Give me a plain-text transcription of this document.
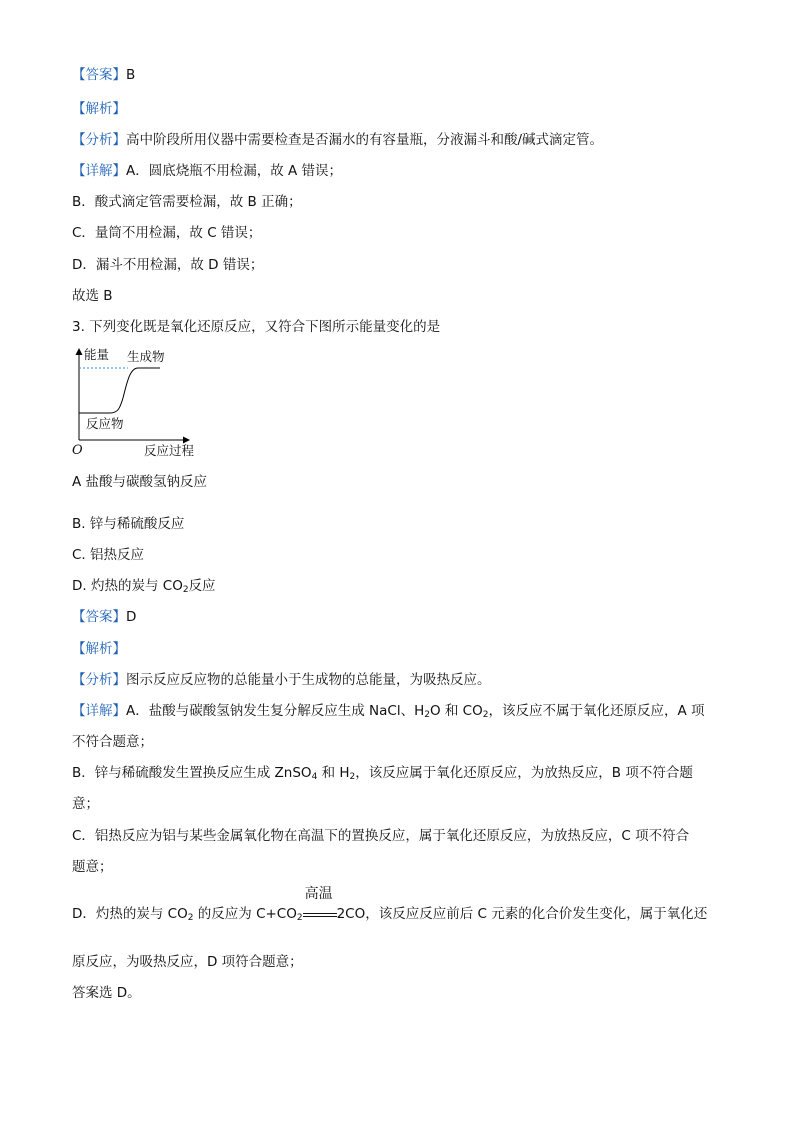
【答案】B
【解析】
【分析】高中阶段所用仪器中需要检查是否漏水的有容量瓶，分液漏斗和酸/碱式滴定管。
【详解】A．圆底烧瓶不用检漏，故 A 错误；
B．酸式滴定管需要检漏，故 B 正确；
C．量筒不用检漏，故 C 错误；
D．漏斗不用检漏，故 D 错误；
故选 B
3. 下列变化既是氧化还原反应，又符合下图所示能量变化的是
能量 生成物
反应物
O	反应过程
A 盐酸与碳酸氢钠反应
B. 锌与稀硫酸反应
C. 铝热反应
D. 灼热的炭与 $CO_2$反应
【答案】D
【解析】
【分析】图示反应反应物的总能量小于生成物的总能量，为吸热反应。
【详解】A．盐酸与碳酸氢钠发生复分解反应生成 NaCl、$H_2O$ 和 $CO_2$，该反应不属于氧化还原反应，A 项
不符合题意；
B．锌与稀硫酸发生置换反应生成 ZnSO$_4$ 和 $H_2$，该反应属于氧化还原反应，为放热反应，B 项不符合题
意；
C．铝热反应为铝与某些金属氧化物在高温下的置换反应，属于氧化还原反应，为放热反应，C 项不符合
题意；
D．灼热的炭与 $CO_2$ 的反应为 $C+CO_2$
高温
2CO，该反应反应前后 C 元素的化合价发生变化，属于氧化还
原反应，为吸热反应，D 项符合题意；
答案选 D。
